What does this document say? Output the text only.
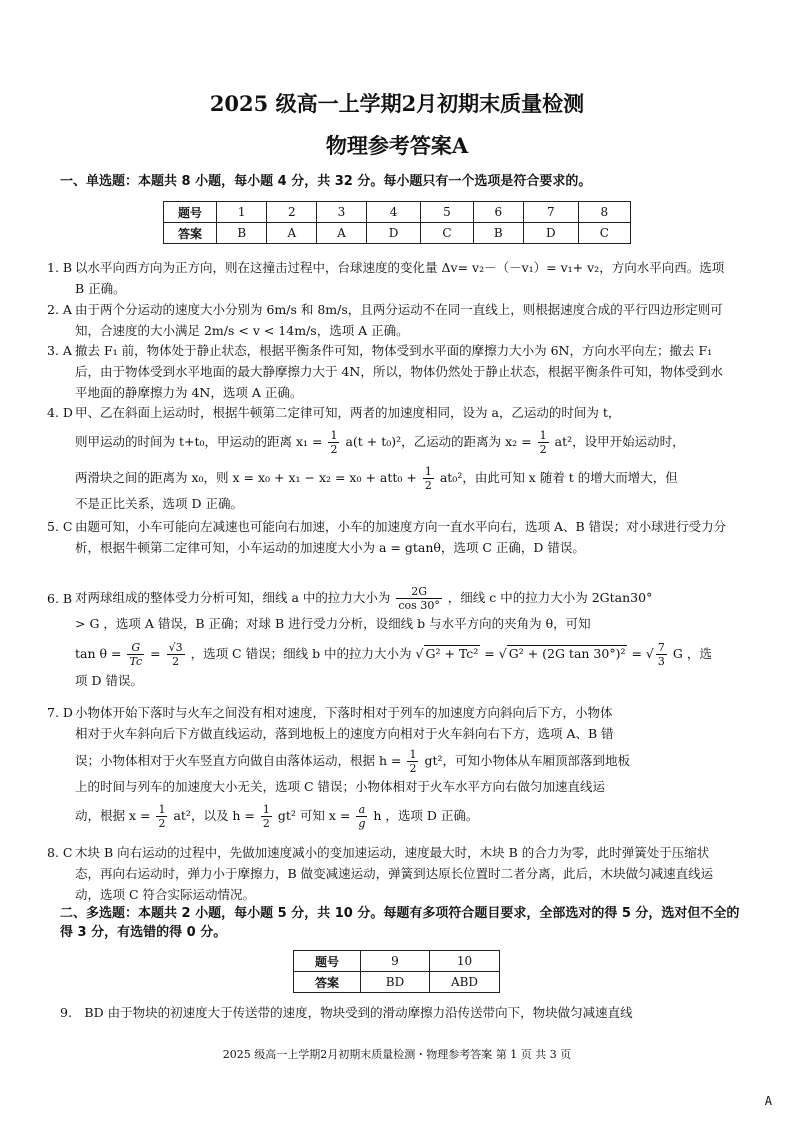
2025 级高一上学期2月初期末质量检测
物理参考答案A
一、单选题：本题共 8 小题，每小题 4 分，共 32 分。每小题只有一个选项是符合要求的。
题号	1	2	3	4	5	6	7	8
答案	B	A	A	D	C	B	D	C
1. B 以水平向西方向为正方向，则在这撞击过程中，台球速度的变化量 Δv= v₂－（－v₁）= v₁+ v₂，方向水平向西。选项 B 正确。
2. A 由于两个分运动的速度大小分别为 6m/s 和 8m/s，且两分运动不在同一直线上，则根据速度合成的平行四边形定则可知，合速度的大小满足 2m/s < v < 14m/s，选项 A 正确。
3. A 撤去 F₁ 前，物体处于静止状态，根据平衡条件可知，物体受到水平面的摩擦力大小为 6N，方向水平向左；撤去 F₁ 后，由于物体受到水平地面的最大静摩擦力大于 4N，所以，物体仍然处于静止状态，根据平衡条件可知，物体受到水平地面的静摩擦力为 4N，选项 A 正确。
4. D 甲、乙在斜面上运动时，根据牛顿第二定律可知，两者的加速度相同，设为 a，乙运动的时间为 t，
则甲运动的时间为 t+t₀，甲运动的距离 $x_1 = \frac{1}{2} a(t + t_0)^2$，乙运动的距离为 $x_2 = \frac{1}{2} at^2$，设甲开始运动时，
两滑块之间的距离为 x₀，则 $x = x_0 + x_1 - x_2 = x_0 + att_0 + \frac{1}{2} at_0^2$，由此可知 x 随着 t 的增大而增大，但
不是正比关系，选项 D 正确。
5. C 由题可知，小车可能向左减速也可能向右加速，小车的加速度方向一直水平向右，选项 A、B 错误；对小球进行受力分析，根据牛顿第二定律可知，小车运动的加速度大小为 a = gtanθ，选项 C 正确，D 错误。
6. B 对两球组成的整体受力分析可知，细线 a 中的拉力大小为 $\frac{2G}{\cos 30^\circ}$ ，细线 c 中的拉力大小为 2Gtan30°
> G ，选项 A 错误，B 正确；对球 B 进行受力分析，设细线 b 与水平方向的夹角为 θ，可知
$\tan \theta = \frac{G}{Tc} = \frac{√3}{2}$ ，选项 C 错误；细线 b 中的拉力大小为 √ G² + Tc² = √ G² + (2G tan 30°)² = √ $\frac{7}{3}$ G ，选
项 D 错误。
7. D 小物体开始下落时与火车之间没有相对速度，下落时相对于列车的加速度方向斜向后下方，小物体
相对于火车斜向后下方做直线运动，落到地板上的速度方向相对于火车斜向右下方，选项 A、B 错
误；小物体相对于火车竖直方向做自由落体运动，根据 $h = \frac{1}{2} gt^2$，可知小物体从车厢顶部落到地板
上的时间与列车的加速度大小无关，选项 C 错误；小物体相对于火车水平方向右做匀加速直线运
动，根据 $x = \frac{1}{2} at^2$，以及 $h = \frac{1}{2} gt^2$ 可知 $x = \frac{a}{g}$ h ，选项 D 正确。
8. C 木块 B 向右运动的过程中，先做加速度减小的变加速运动，速度最大时，木块 B 的合力为零，此时弹簧处于压缩状态，再向右运动时，弹力小于摩擦力，B 做变减速运动，弹簧到达原长位置时二者分离，此后，木块做匀减速直线运动，选项 C 符合实际运动情况。
二、多选题：本题共 2 小题，每小题 5 分，共 10 分。每题有多项符合题目要求，全部选对的得 5 分，选对但不全的得 3 分，有选错的得 0 分。
题号	9	10
答案	BD	ABD
9.　BD 由于物块的初速度大于传送带的速度，物块受到的滑动摩擦力沿传送带向下，物块做匀减速直线
2025 级高一上学期2月初期末质量检测・物理参考答案 第 1 页 共 3 页
A
